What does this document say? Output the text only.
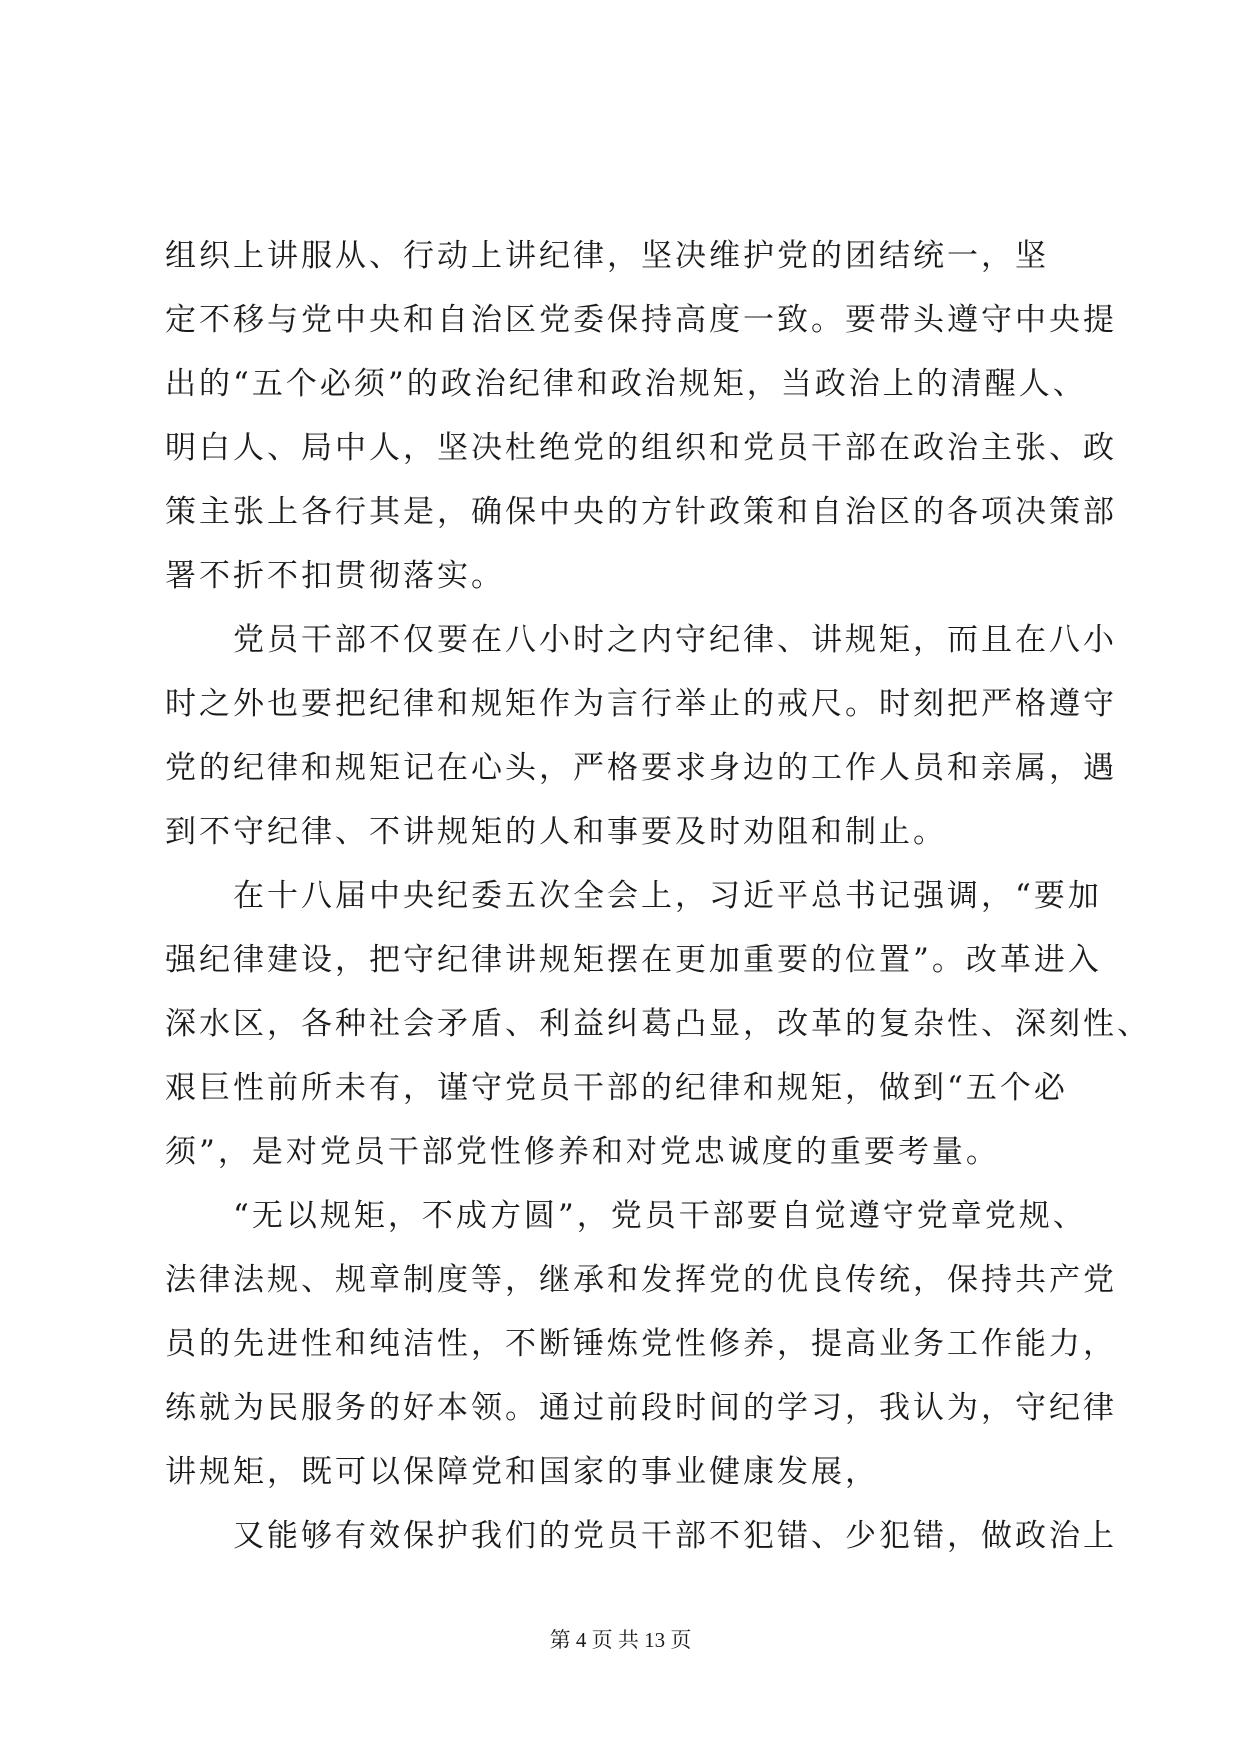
组织上讲服从、行动上讲纪律，坚决维护党的团结统一，坚
定不移与党中央和自治区党委保持高度一致。要带头遵守中央提
出的“五个必须”的政治纪律和政治规矩，当政治上的清醒人、
明白人、局中人，坚决杜绝党的组织和党员干部在政治主张、政
策主张上各行其是，确保中央的方针政策和自治区的各项决策部
署不折不扣贯彻落实。
党员干部不仅要在八小时之内守纪律、讲规矩，而且在八小
时之外也要把纪律和规矩作为言行举止的戒尺。时刻把严格遵守
党的纪律和规矩记在心头，严格要求身边的工作人员和亲属，遇
到不守纪律、不讲规矩的人和事要及时劝阻和制止。
在十八届中央纪委五次全会上，习近平总书记强调，“要加
强纪律建设，把守纪律讲规矩摆在更加重要的位置”。改革进入
深水区，各种社会矛盾、利益纠葛凸显，改革的复杂性、深刻性、
艰巨性前所未有，谨守党员干部的纪律和规矩，做到“五个必
须”，是对党员干部党性修养和对党忠诚度的重要考量。
“无以规矩，不成方圆”，党员干部要自觉遵守党章党规、
法律法规、规章制度等，继承和发挥党的优良传统，保持共产党
员的先进性和纯洁性，不断锤炼党性修养，提高业务工作能力，
练就为民服务的好本领。通过前段时间的学习，我认为，守纪律
讲规矩，既可以保障党和国家的事业健康发展，
又能够有效保护我们的党员干部不犯错、少犯错，做政治上
第 4 页 共 13 页
